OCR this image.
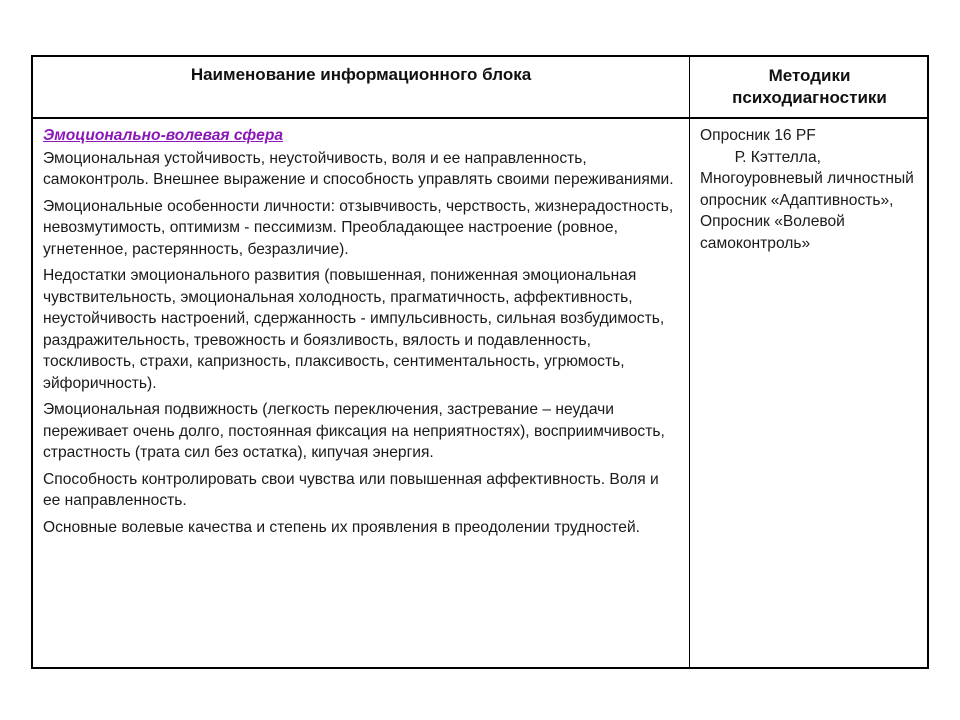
Наименование информационного блока	Методики психодиагностики
Эмоционально-волевая сфера
Эмоциональная устойчивость, неустойчивость, воля и ее направленность, самоконтроль. Внешнее выражение и способность управлять своими переживаниями.
Эмоциональные особенности личности: отзывчивость, черствость, жизнерадостность, невозмутимость, оптимизм - пессимизм. Преобладающее настроение (ровное, угнетенное, растерянность, безразличие).
Недостатки эмоционального развития (повышенная, пониженная эмоциональная чувствительность, эмоциональная холодность, прагматичность, аффективность, неустойчивость настроений, сдержанность - импульсивность, сильная возбудимость, раздражительность, тревожность и боязливость, вялость и подавленность, тоскливость, страхи, капризность, плаксивость, сентиментальность, угрюмость, эйфоричность).
Эмоциональная подвижность (легкость переключения, застревание – неудачи переживает очень долго, постоянная фиксация на неприятностях), восприимчивость, страстность (трата сил без остатка), кипучая энергия.
Способность контролировать свои чувства или повышенная аффективность. Воля и ее направленность.
Основные волевые качества и степень их проявления в преодолении трудностей.
Опросник 16 PF
Р. Кэттелла,
Многоуровневый личностный опросник «Адаптивность»,
Опросник «Волевой самоконтроль»
